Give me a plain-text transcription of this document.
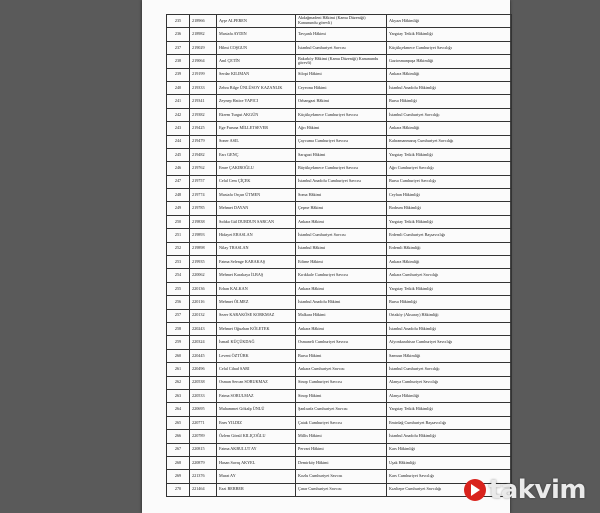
235	218966	Ayşe ALPEREN	Akdağmadeni Hâkimi (Kamu Düzeniği) Kanunundu görevli)	Akyazı Hâkimliği
236	218982	Mustafa AYDIN	Tavşanlı Hâkimi	Yargıtay Tetkik Hâkimliği
237	219029	Hilmi COŞGUN	İstanbul Cumhuriyet Savcısı	Küçükçekmece Cumhuriyet Savcılığı
238	219064	Anıl ÇETİN	Bakırköy Hâkimi (Kamu Düzeniği) Kanunundu görevli)	Gaziosmanpaşa Hâkimliği
239	219199	Serdar KILIMAN	Silopi Hâkimi	Ankara Hâkimliği
240	219333	Zehra Bilge ÜNLÜSOY KAZANLIK	Ceyeonu Hâkimi	İstanbul Anadolu Hâkimliği
241	219341	Zeynep Hatice YAPICI	Orhangazi Hâkimi	Bursa Hâkimliği
242	219382	Ekrem Turgut AKGÜN	Küçükçekmece Cumhuriyet Savcısı	İstanbul Cumhuriyet Savcılığı
243	219425	Ege Furuna MİLLETSEVER	Ağrı Hâkimi	Ankara Hâkimliği
244	219479	Soner ASIL	Çaycuma Cumhuriyet Savcısı	Kahramanmaraş Cumhuriyet Savcılığı
245	219482	Ezrı GENÇ	Sarıgazi Hâkimi	Yargıtay Tetkik Hâkimliği
246	219762	Emre ÇAKIROĞLU	Büyükçekmece Cumhuriyet Savcısı	Ağrı Cumhuriyet Savcılığı
247	219757	Celal Cem ÇİÇEK	İstanbul Anadolu Cumhuriyet Savcısı	Bursa Cumhuriyet Savcılığı
248	219774	Mustafa Orçun ÜTMEN	Soma Hâkimi	Ceyhan Hâkimliği
249	219785	Mehmet DAYAN	Çeşme Hâkimi	Bodrum Hâkimliği
250	219838	Sıdıka Gül DURDUN SARCAN	Ankara Hâkimi	Yargıtay Tetkik Hâkimliği
251	219893	Hidayet ERASLAN	İstanbul Cumhuriyet Savcısı	Erdemli Cumhuriyet Başsavcılığı
252	219898	Nilay TRASLAN	İstanbul Hâkimi	Erdemli Hâkimliği
253	219935	Fatma Selenge KARAKAŞ	Edirne Hâkimi	Ankara Hâkimliği
254	220062	Mehmet Karakaya İLBAŞ	Kırıkkale Cumhuriyet Savcısı	Ankara Cumhuriyet Savcılığı
255	220136	Erhan KALKAN	Ankara Hâkimi	Yargıtay Tetkik Hâkimliği
256	220116	Mehmet ÖLMEZ	İstanbul Anadolu Hâkimi	Bursa Hâkimliği
257	220132	Sezer KARAKÖSE KORKMAZ	Malkara Hâkimi	Ortaköy (Aksaray) Hâkimliği
258	220243	Mehmet Oğuzhan KÖLETEK	Ankara Hâkimi	İstanbul Anadolu Hâkimliği
259	220324	İsmail KÜÇÜKDAĞ	Osmaneli Cumhuriyet Savcısı	Afyonkarahisar Cumhuriyet Savcılığı
260	220445	Levent ÖZTÜRK	Bursa Hâkimi	Samsun Hâkimliği
261	220496	Celal Cihad SARI	Ankara Cumhuriyet Savcısı	İstanbul Cumhuriyet Savcılığı
262	220538	Osman Sercan SORUKMAZ	Sinop Cumhuriyet Savcısı	Alanya Cumhuriyet Savcılığı
263	220533	Fatma SORULMAZ	Sinop Hâkimi	Alanya Hâkimliği
264	220695	Muhammet Gökalp ÜNLÜ	Şanlıurfa Cumhuriyet Savcısı	Yargıtay Tetkik Hâkimliği
265	220771	Enes YILDIZ	Çatak Cumhuriyet Savcısı	Emirdağ Cumhuriyet Başsavcılığı
266	220789	Özlem Gönül KILIÇOĞLU	Millis Hâkimi	İstanbul Anadolu Hâkimliği
267	220815	Fatma AKBULUT AY	Pervari Hâkimi	Kars Hâkimliği
268	220879	Hasan Savaş AKYEL	Demirköy Hâkimi	Uşak Hâkimliği
269	221376	Murat AY	Kozlu Cumhuriyet Savcısı	Kars Cumhuriyet Savcılığı
270	221464	Ezzi BERBER	Çınar Cumhuriyet Savcısı	Kızıltepe Cumhuriyet Savcılığı takvim
